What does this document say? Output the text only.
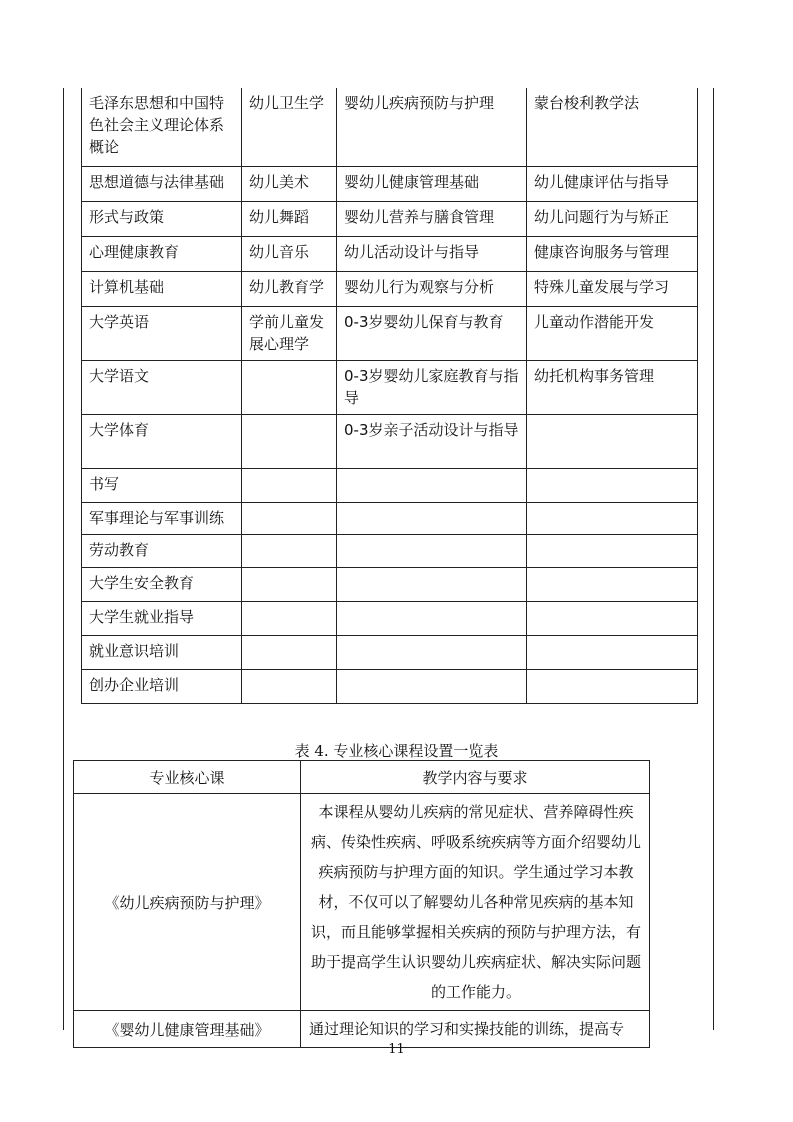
毛泽东思想和中国特色社会主义理论体系概论	幼儿卫生学	婴幼儿疾病预防与护理	蒙台梭利教学法
思想道德与法律基础	幼儿美术	婴幼儿健康管理基础	幼儿健康评估与指导
形式与政策	幼儿舞蹈	婴幼儿营养与膳食管理	幼儿问题行为与矫正
心理健康教育	幼儿音乐	幼儿活动设计与指导	健康咨询服务与管理
计算机基础	幼儿教育学	婴幼儿行为观察与分析	特殊儿童发展与学习
大学英语	学前儿童发展心理学	0-3岁婴幼儿保育与教育	儿童动作潜能开发
大学语文		0-3岁婴幼儿家庭教育与指导	幼托机构事务管理
大学体育		0-3岁亲子活动设计与指导	
书写			
军事理论与军事训练			
劳动教育			
大学生安全教育			
大学生就业指导			
就业意识培训			
创办企业培训			
表 4. 专业核心课程设置一览表
专业核心课	教学内容与要求
《幼儿疾病预防与护理》	本课程从婴幼儿疾病的常见症状、营养障碍性疾病、传染性疾病、呼吸系统疾病等方面介绍婴幼儿疾病预防与护理方面的知识。学生通过学习本教材，不仅可以了解婴幼儿各种常见疾病的基本知识，而且能够掌握相关疾病的预防与护理方法，有助于提高学生认识婴幼儿疾病症状、解决实际问题的工作能力。
《婴幼儿健康管理基础》	通过理论知识的学习和实操技能的训练，提高专
11
